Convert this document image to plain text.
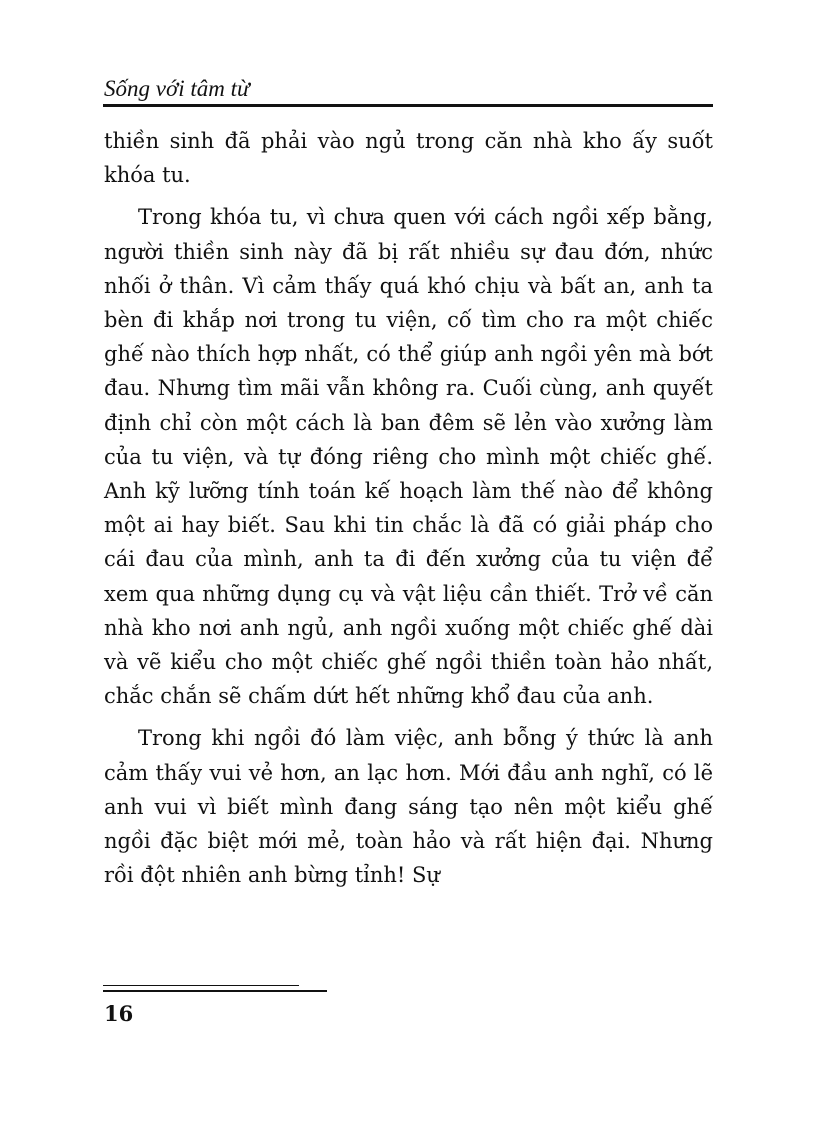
Sống với tâm từ

thiền sinh đã phải vào ngủ trong căn nhà kho ấy suốt khóa tu.

Trong khóa tu, vì chưa quen với cách ngồi xếp bằng, người thiền sinh này đã bị rất nhiều sự đau đớn, nhức nhối ở thân. Vì cảm thấy quá khó chịu và bất an, anh ta bèn đi khắp nơi trong tu viện, cố tìm cho ra một chiếc ghế nào thích hợp nhất, có thể giúp anh ngồi yên mà bớt đau. Nhưng tìm mãi vẫn không ra. Cuối cùng, anh quyết định chỉ còn một cách là ban đêm sẽ lẻn vào xưởng làm của tu viện, và tự đóng riêng cho mình một chiếc ghế. Anh kỹ lưỡng tính toán kế hoạch làm thế nào để không một ai hay biết. Sau khi tin chắc là đã có giải pháp cho cái đau của mình, anh ta đi đến xưởng của tu viện để xem qua những dụng cụ và vật liệu cần thiết. Trở về căn nhà kho nơi anh ngủ, anh ngồi xuống một chiếc ghế dài và vẽ kiểu cho một chiếc ghế ngồi thiền toàn hảo nhất, chắc chắn sẽ chấm dứt hết những khổ đau của anh.

Trong khi ngồi đó làm việc, anh bỗng ý thức là anh cảm thấy vui vẻ hơn, an lạc hơn. Mới đầu anh nghĩ, có lẽ anh vui vì biết mình đang sáng tạo nên một kiểu ghế ngồi đặc biệt mới mẻ, toàn hảo và rất hiện đại. Nhưng rồi đột nhiên anh bừng tỉnh! Sự

16
